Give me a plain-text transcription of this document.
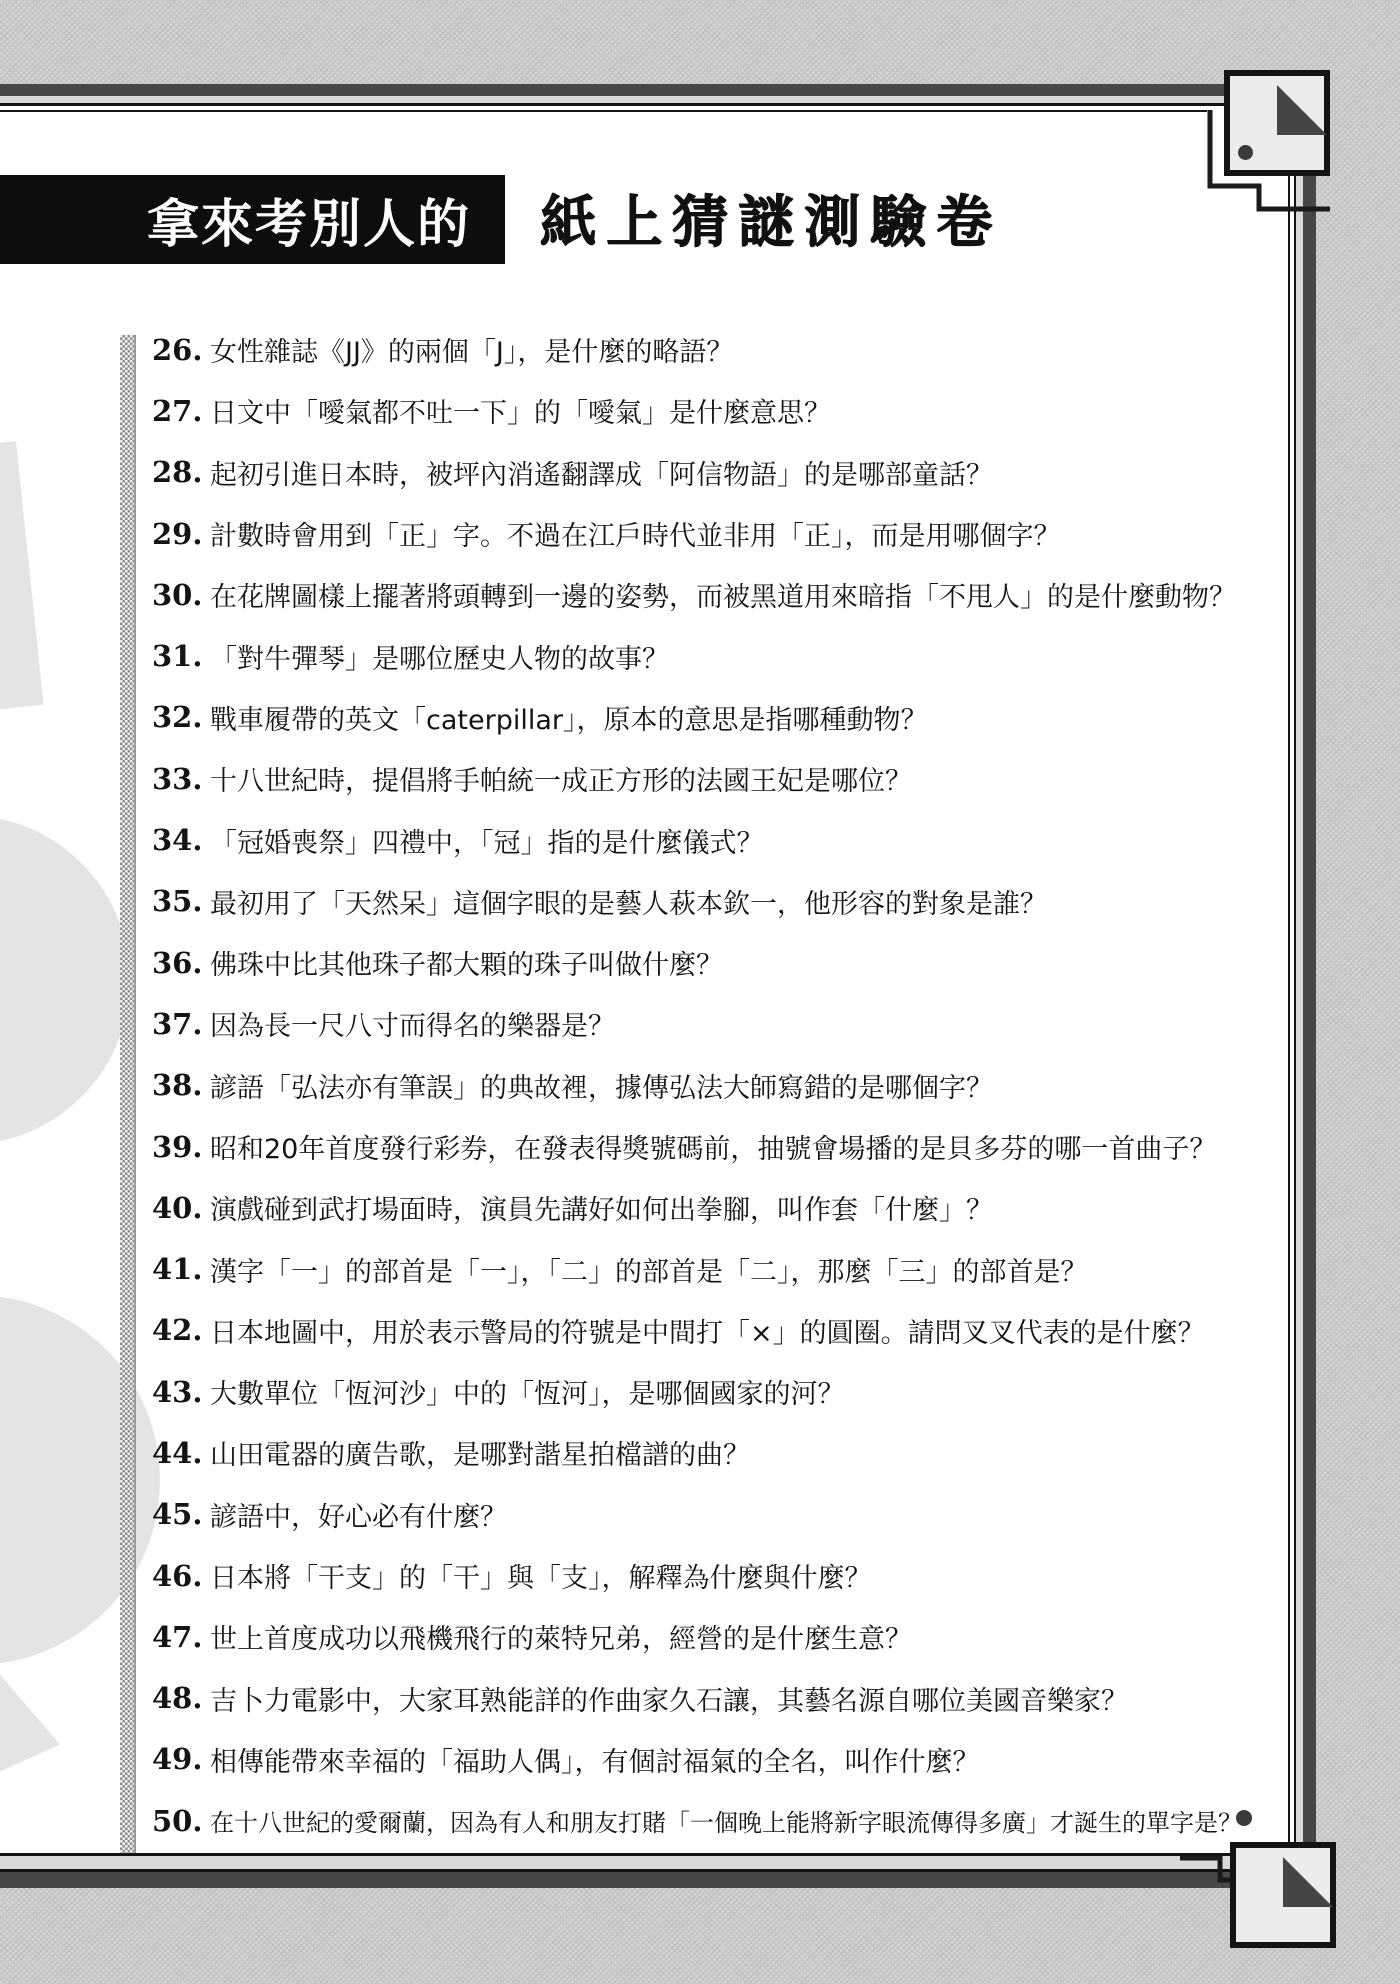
拿來考別人的 紙上猜謎測驗卷
26. 女性雜誌《JJ》的兩個「J」，是什麼的略語？
27. 日文中「噯氣都不吐一下」的「噯氣」是什麼意思？
28. 起初引進日本時，被坪內消遙翻譯成「阿信物語」的是哪部童話？
29. 計數時會用到「正」字。不過在江戶時代並非用「正」，而是用哪個字？
30. 在花牌圖樣上擺著將頭轉到一邊的姿勢，而被黑道用來暗指「不甩人」的是什麼動物？
31. 「對牛彈琴」是哪位歷史人物的故事？
32. 戰車履帶的英文「caterpillar」，原本的意思是指哪種動物？
33. 十八世紀時，提倡將手帕統一成正方形的法國王妃是哪位？
34. 「冠婚喪祭」四禮中，「冠」指的是什麼儀式？
35. 最初用了「天然呆」這個字眼的是藝人萩本欽一，他形容的對象是誰？
36. 佛珠中比其他珠子都大顆的珠子叫做什麼？
37. 因為長一尺八寸而得名的樂器是？
38. 諺語「弘法亦有筆誤」的典故裡，據傳弘法大師寫錯的是哪個字？
39. 昭和20年首度發行彩券，在發表得獎號碼前，抽號會場播的是貝多芬的哪一首曲子？
40. 演戲碰到武打場面時，演員先講好如何出拳腳，叫作套「什麼」？
41. 漢字「一」的部首是「一」，「二」的部首是「二」，那麼「三」的部首是？
42. 日本地圖中，用於表示警局的符號是中間打「×」的圓圈。請問叉叉代表的是什麼？
43. 大數單位「恆河沙」中的「恆河」，是哪個國家的河？
44. 山田電器的廣告歌，是哪對諧星拍檔譜的曲？
45. 諺語中，好心必有什麼？
46. 日本將「干支」的「干」與「支」，解釋為什麼與什麼？
47. 世上首度成功以飛機飛行的萊特兄弟，經營的是什麼生意？
48. 吉卜力電影中，大家耳熟能詳的作曲家久石讓，其藝名源自哪位美國音樂家？
49. 相傳能帶來幸福的「福助人偶」，有個討福氣的全名，叫作什麼？
50. 在十八世紀的愛爾蘭，因為有人和朋友打賭「一個晚上能將新字眼流傳得多廣」才誕生的單字是？
